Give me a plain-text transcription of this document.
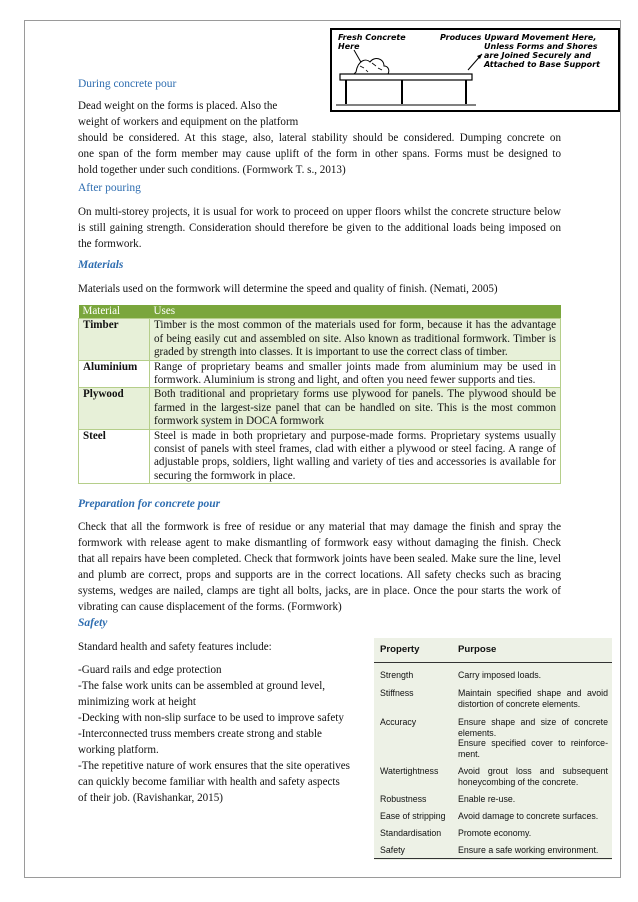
Fresh Concrete
Here
Produces Upward Movement Here,
Unless Forms and Shores
are Joined Securely and
Attached to Base Support

During concrete pour

Dead weight on the forms is placed. Also the
weight of workers and equipment on the platform
should be considered. At this stage, also, lateral stability should be considered. Dumping concrete on
one span of the form member may cause uplift of the form in other spans. Forms must be designed to
hold together under such conditions. (Formwork T. s., 2013)

After pouring

On multi-storey projects, it is usual for work to proceed on upper floors whilst the concrete structure below is still gaining strength. Consideration should therefore be given to the additional loads being imposed on the formwork.

Materials

Materials used on the formwork will determine the speed and quality of finish. (Nemati, 2005)

Material	Uses
Timber	Timber is the most common of the materials used for form, because it has the advantage of being easily cut and assembled on site. Also known as traditional formwork. Timber is graded by strength into classes. It is important to use the correct class of timber.
Aluminium	Range of proprietary beams and smaller joints made from aluminium may be used in formwork. Aluminium is strong and light, and often you need fewer supports and ties.
Plywood	Both traditional and proprietary forms use plywood for panels. The plywood should be farmed in the largest-size panel that can be handled on site. This is the most common formwork system in DOCA formwork
Steel	Steel is made in both proprietary and purpose-made forms. Proprietary systems usually consist of panels with steel frames, clad with either a plywood or steel facing. A range of adjustable props, soldiers, light walling and variety of ties and accessories is available for securing the formwork in place.

Preparation for concrete pour

Check that all the formwork is free of residue or any material that may damage the finish and spray the formwork with release agent to make dismantling of formwork easy without damaging the finish. Check that all repairs have been completed. Check that formwork joints have been sealed. Make sure the line, level and plumb are correct, props and supports are in the correct locations. All safety checks such as bracing systems, wedges are nailed, clamps are tight all bolts, jacks, are in place. Once the pour starts the work of vibrating can cause displacement of the forms. (Formwork)

Safety

Standard health and safety features include:

-Guard rails and edge protection
-The false work units can be assembled at ground level,
minimizing work at height
-Decking with non-slip surface to be used to improve safety
-Interconnected truss members create strong and stable
working platform.
-The repetitive nature of work ensures that the site operatives
can quickly become familiar with health and safety aspects
of their job. (Ravishankar, 2015)
Property	Purpose
Strength	Carry imposed loads.
Stiffness	Maintain specified shape and avoid distortion of concrete elements.
Accuracy	Ensure shape and size of concrete elements.
Ensure specified cover to reinforce-ment.
Watertightness Avoid grout loss and subsequent honeycombing of the concrete.
Robustness	Enable re-use.
Ease of stripping Avoid damage to concrete surfaces.
Standardisation Promote economy.
Safety	Ensure a safe working environment.
